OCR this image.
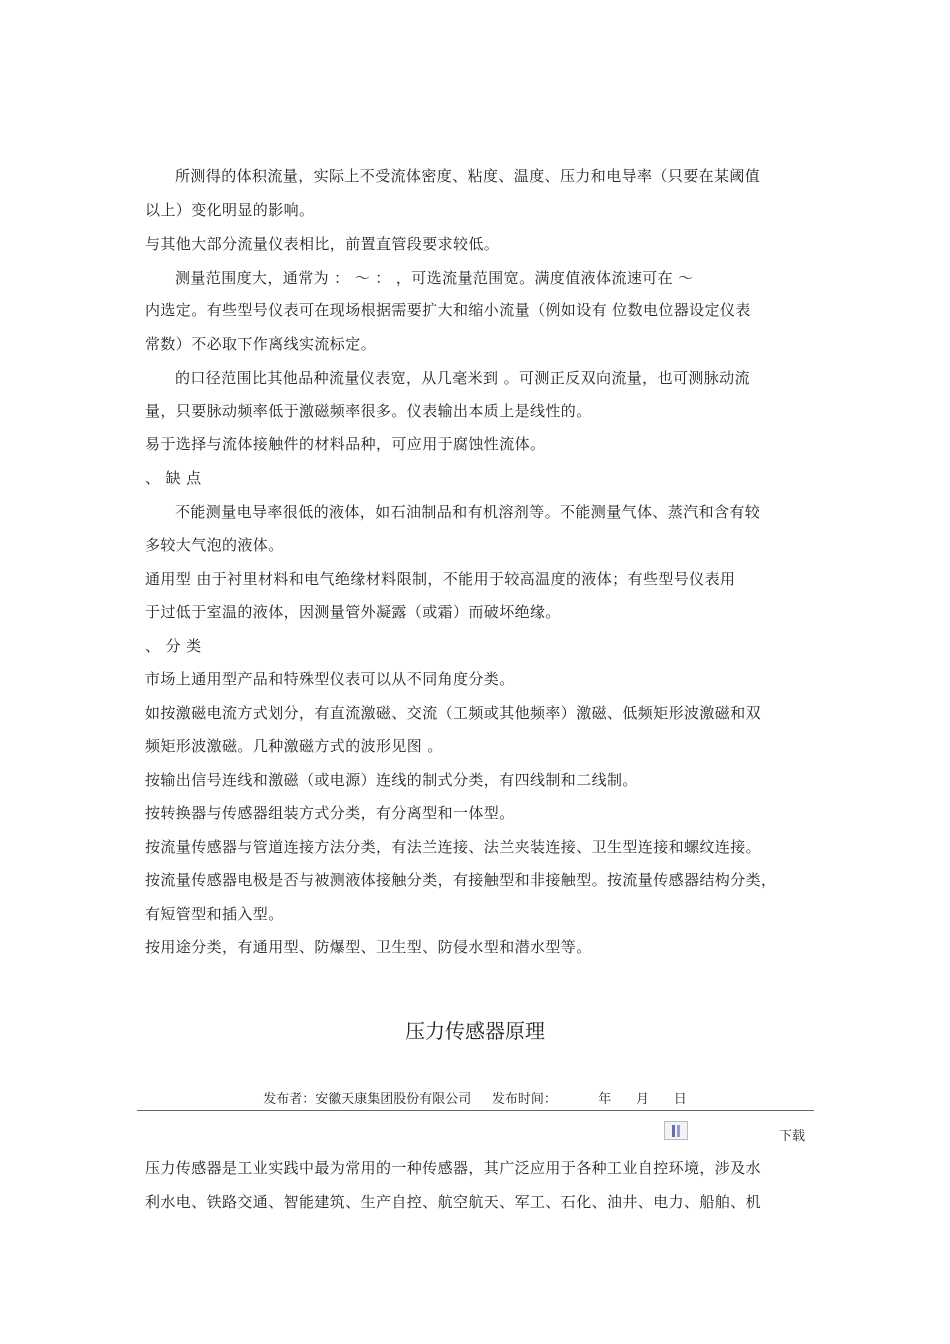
所测得的体积流量，实际上不受流体密度、粘度、温度、压力和电导率（只要在某阈值
以上）变化明显的影响。
与其他大部分流量仪表相比，前置直管段要求较低。
测量范围度大，通常为 ： ～ ： ，可选流量范围宽。满度值液体流速可在 ～
内选定。有些型号仪表可在现场根据需要扩大和缩小流量（例如设有 位数电位器设定仪表
常数）不必取下作离线实流标定。
的口径范围比其他品种流量仪表宽，从几毫米到 。可测正反双向流量，也可测脉动流
量，只要脉动频率低于激磁频率很多。仪表输出本质上是线性的。
易于选择与流体接触件的材料品种，可应用于腐蚀性流体。
、 缺 点
不能测量电导率很低的液体，如石油制品和有机溶剂等。不能测量气体、蒸汽和含有较
多较大气泡的液体。
通用型 由于衬里材料和电气绝缘材料限制，不能用于较高温度的液体；有些型号仪表用
于过低于室温的液体，因测量管外凝露（或霜）而破坏绝缘。
、 分 类
市场上通用型产品和特殊型仪表可以从不同角度分类。
如按激磁电流方式划分，有直流激磁、交流（工频或其他频率）激磁、低频矩形波激磁和双
频矩形波激磁。几种激磁方式的波形见图 。
按输出信号连线和激磁（或电源）连线的制式分类，有四线制和二线制。
按转换器与传感器组装方式分类，有分离型和一体型。
按流量传感器与管道连接方法分类，有法兰连接、法兰夹装连接、卫生型连接和螺纹连接。
按流量传感器电极是否与被测液体接触分类，有接触型和非接触型。按流量传感器结构分类，
有短管型和插入型。
按用途分类，有通用型、防爆型、卫生型、防侵水型和潜水型等。
压力传感器原理
发布者：安徽天康集团股份有限公司     发布时间：          年      月      日
下载
压力传感器是工业实践中最为常用的一种传感器，其广泛应用于各种工业自控环境，涉及水
利水电、铁路交通、智能建筑、生产自控、航空航天、军工、石化、油井、电力、船舶、机
